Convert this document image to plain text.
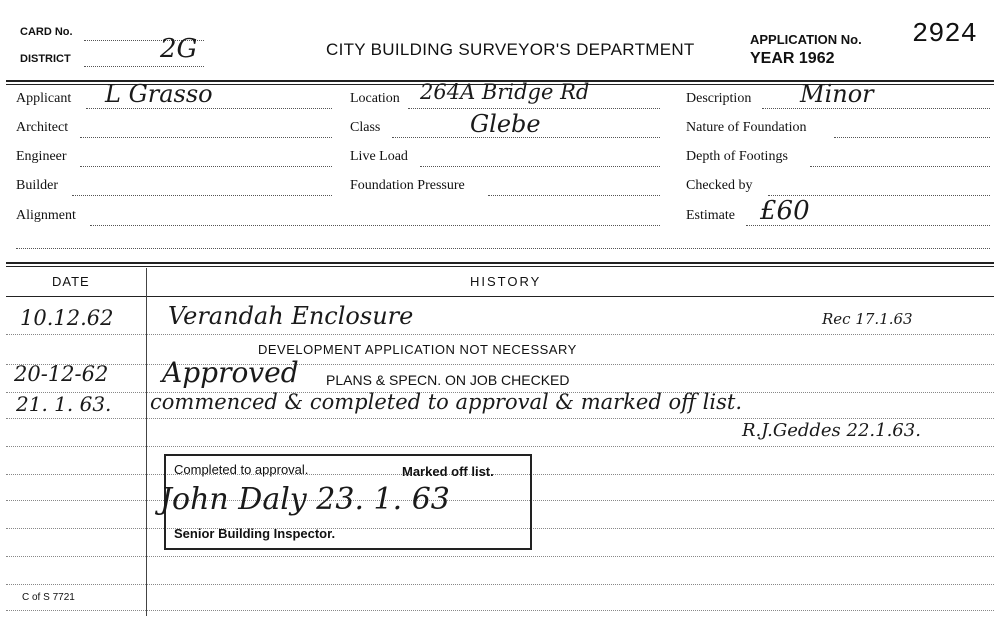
CARD No.
DISTRICT	2G	CITY BUILDING SURVEYOR'S DEPARTMENT
APPLICATION No. 2924
YEAR 1962
Applicant L Grasso
Architect
Engineer
Builder
Alignment
Location 264A Bridge Rd
Class	Glebe
Live Load
Foundation Pressure
Description Minor
Nature of Foundation
Depth of Footings
Checked by
Estimate £60
DATE	HISTORY
10.12.62 Verandah Enclosure	Rec 17.1.63
DEVELOPMENT APPLICATION NOT NECESSARY
20-12-62 Approved PLANS & SPECN. ON JOB CHECKED
21. 1. 63. commenced & completed to approval & marked off list.
R.J.Geddes 22.1.63.
Completed to approval.	Marked off list.
John Daly 23. 1. 63
Senior Building Inspector.
C of S 7721
